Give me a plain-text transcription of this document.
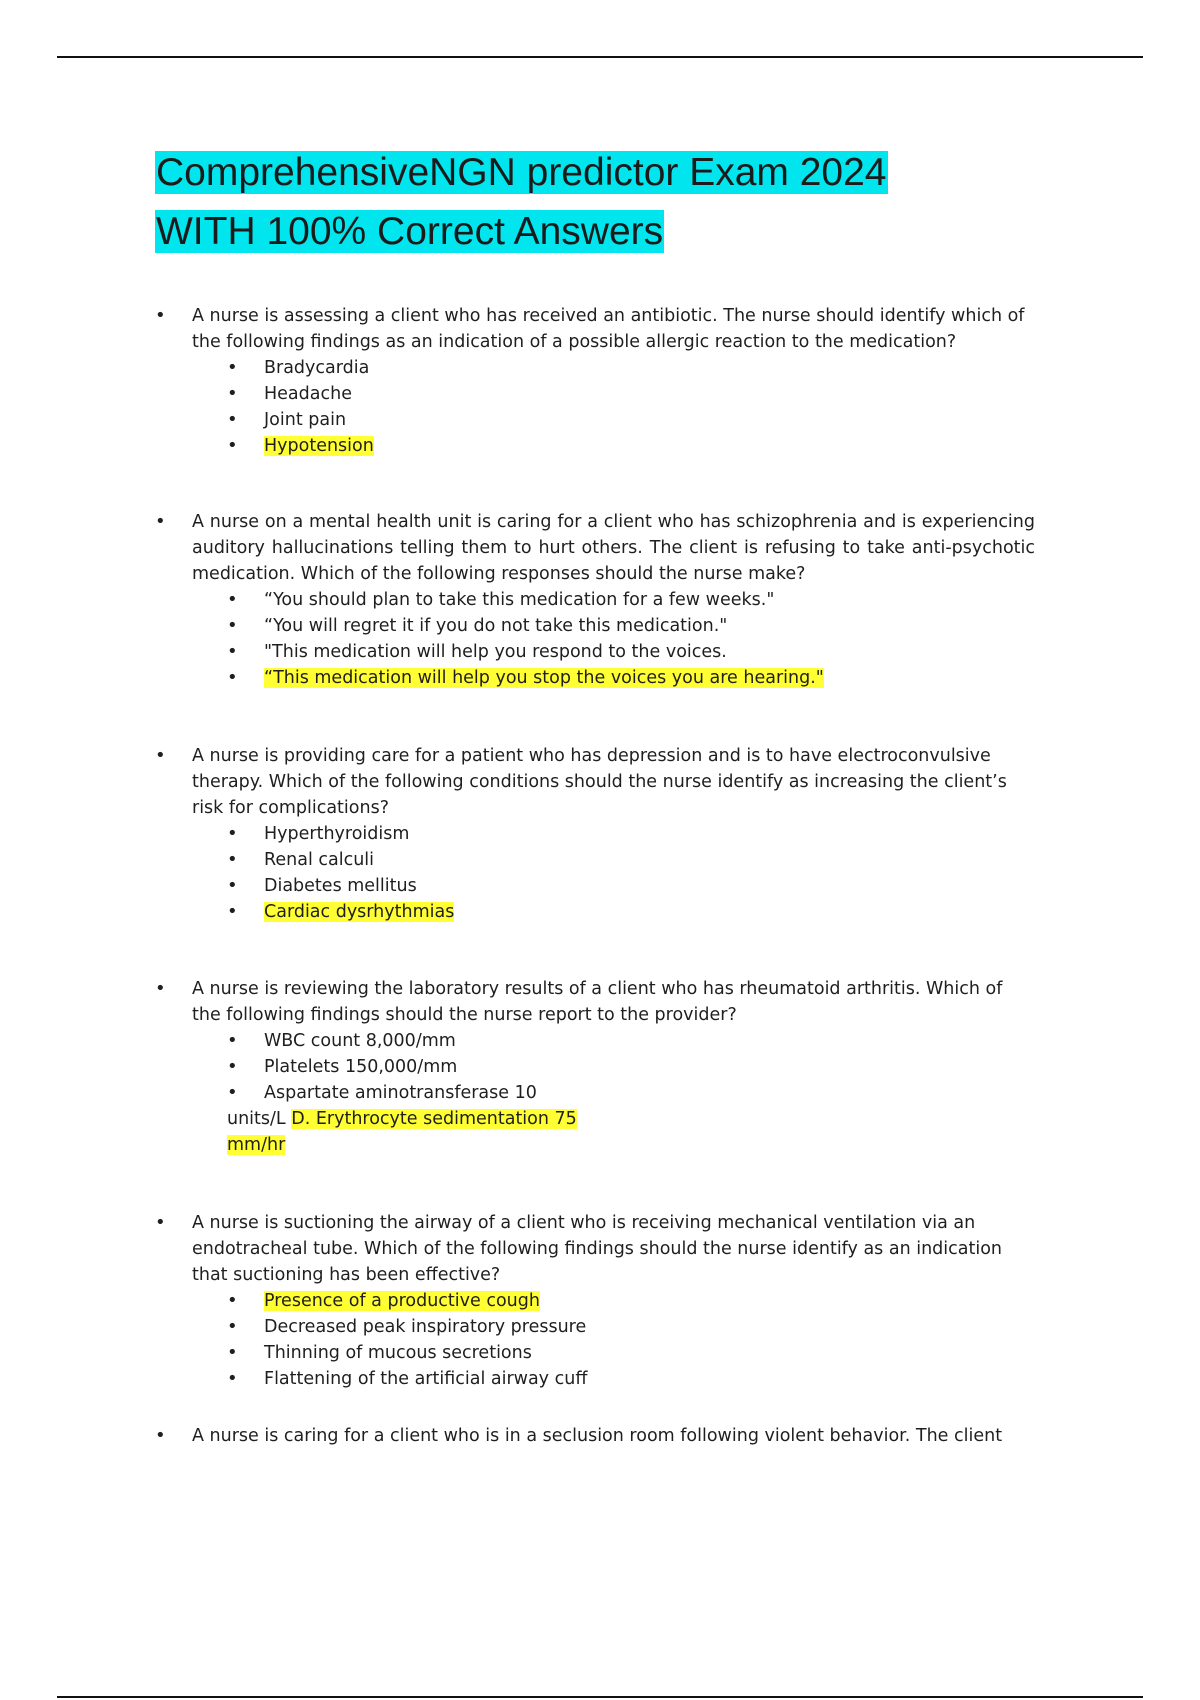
ComprehensiveNGN predictor Exam 2024
WITH 100% Correct Answers

• A nurse is assessing a client who has received an antibiotic. The nurse should identify which of the following findings as an indication of a possible allergic reaction to the medication?

• Bradycardia
• Headache
• Joint pain
• Hypotension

• A nurse on a mental health unit is caring for a client who has schizophrenia and is experiencing auditory hallucinations telling them to hurt others. The client is refusing to take anti-psychotic medication. Which of the following responses should the nurse make?

• “You should plan to take this medication for a few weeks."
• “You will regret it if you do not take this medication."
• "This medication will help you respond to the voices.
• “This medication will help you stop the voices you are hearing."

• A nurse is providing care for a patient who has depression and is to have electroconvulsive therapy. Which of the following conditions should the nurse identify as increasing the client’s risk for complications?

• Hyperthyroidism
• Renal calculi
• Diabetes mellitus
• Cardiac dysrhythmias

• A nurse is reviewing the laboratory results of a client who has rheumatoid arthritis. Which of the following findings should the nurse report to the provider?

• WBC count 8,000/mm
• Platelets 150,000/mm
• Aspartate aminotransferase 10
units/L D. Erythrocyte sedimentation 75
mm/hr

• A nurse is suctioning the airway of a client who is receiving mechanical ventilation via an endotracheal tube. Which of the following findings should the nurse identify as an indication that suctioning has been effective?

• Presence of a productive cough
• Decreased peak inspiratory pressure
• Thinning of mucous secretions
• Flattening of the artificial airway cuff

• A nurse is caring for a client who is in a seclusion room following violent behavior. The client
